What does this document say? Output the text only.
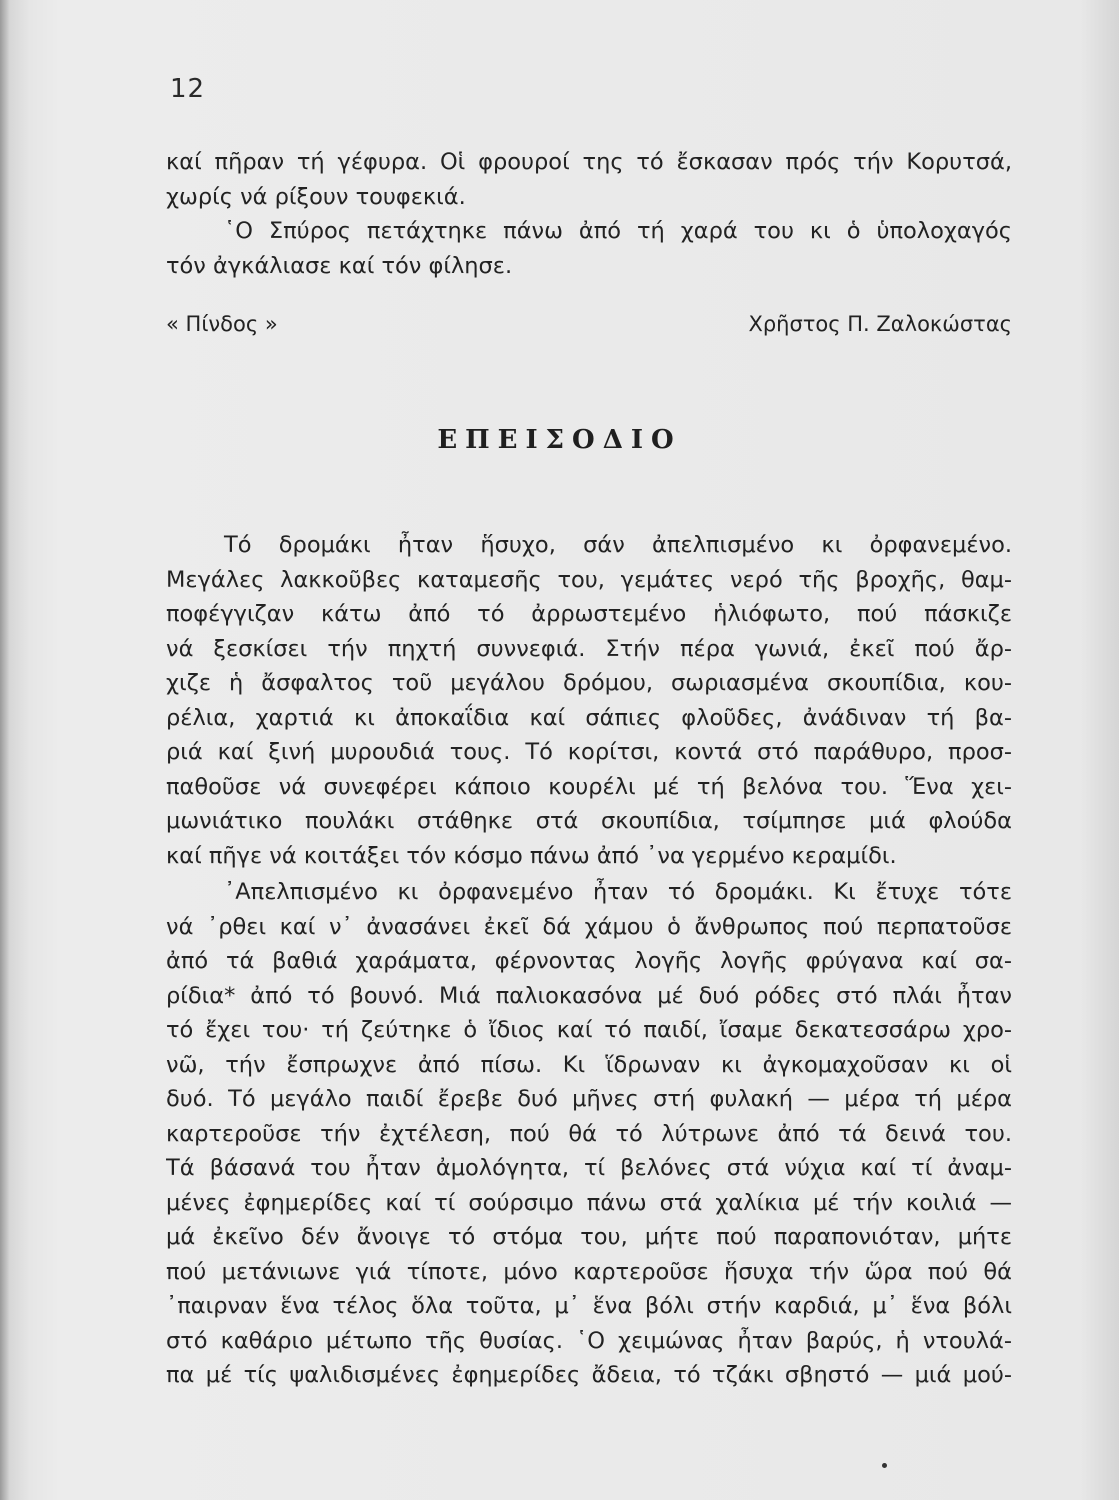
12
καί πῆραν τή γέφυρα. Οἱ φρουροί της τό ἔσκασαν πρός τήν Κορυτσά,
χωρίς νά ρίξουν τουφεκιά.
῾Ο Σπύρος πετάχτηκε πάνω ἀπό τή χαρά του κι ὁ ὑπολοχαγός
τόν ἀγκάλιασε καί τόν φίλησε.
« Πίνδος »	Χρῆστος Π. Ζαλοκώστας
ΕΠΕΙΣΟΔΙΟ
Τό δρομάκι ἦταν ἥσυχο, σάν ἀπελπισμένο κι ὀρφανεμένο.
Μεγάλες λακκοῦβες καταμεσῆς του, γεμάτες νερό τῆς βροχῆς, θαμ-
ποφέγγιζαν κάτω ἀπό τό ἀρρωστεμένο ἡλιόφωτο, πού πάσκιζε
νά ξεσκίσει τήν πηχτή συννεφιά. Στήν πέρα γωνιά, ἐκεῖ πού ἄρ-
χιζε ἡ ἄσφαλτος τοῦ μεγάλου δρόμου, σωριασμένα σκουπίδια, κου-
ρέλια, χαρτιά κι ἀποκαΐδια καί σάπιες φλοῦδες, ἀνάδιναν τή βα-
ριά καί ξινή μυρουδιά τους. Τό κορίτσι, κοντά στό παράθυρο, προσ-
παθοῦσε νά συνεφέρει κάποιο κουρέλι μέ τή βελόνα του. Ἕνα χει-
μωνιάτικο πουλάκι στάθηκε στά σκουπίδια, τσίμπησε μιά φλούδα
καί πῆγε νά κοιτάξει τόν κόσμο πάνω ἀπό ᾽να γερμένο κεραμίδι.
᾽Απελπισμένο κι ὀρφανεμένο ἦταν τό δρομάκι. Κι ἔτυχε τότε
νά ᾽ρθει καί ν᾽ ἀνασάνει ἐκεῖ δά χάμου ὁ ἄνθρωπος πού περπατοῦσε
ἀπό τά βαθιά χαράματα, φέρνοντας λογῆς λογῆς φρύγανα καί σα-
ρίδια* ἀπό τό βουνό. Μιά παλιοκασόνα μέ δυό ρόδες στό πλάι ἦταν
τό ἔχει του· τή ζεύτηκε ὁ ἴδιος καί τό παιδί, ἴσαμε δεκατεσσάρω χρο-
νῶ, τήν ἔσπρωχνε ἀπό πίσω. Κι ἵδρωναν κι ἀγκομαχοῦσαν κι οἱ
δυό. Τό μεγάλο παιδί ἔρεβε δυό μῆνες στή φυλακή — μέρα τή μέρα
καρτεροῦσε τήν ἐχτέλεση, πού θά τό λύτρωνε ἀπό τά δεινά του.
Τά βάσανά του ἦταν ἀμολόγητα, τί βελόνες στά νύχια καί τί ἀναμ-
μένες ἐφημερίδες καί τί σούρσιμο πάνω στά χαλίκια μέ τήν κοιλιά —
μά ἐκεῖνο δέν ἄνοιγε τό στόμα του, μήτε πού παραπονιόταν, μήτε
πού μετάνιωνε γιά τίποτε, μόνο καρτεροῦσε ἥσυχα τήν ὥρα πού θά
᾽παιρναν ἕνα τέλος ὅλα τοῦτα, μ᾽ ἕνα βόλι στήν καρδιά, μ᾽ ἕνα βόλι
στό καθάριο μέτωπο τῆς θυσίας. ῾Ο χειμώνας ἦταν βαρύς, ἡ ντουλά-
πα μέ τίς ψαλιδισμένες ἐφημερίδες ἄδεια, τό τζάκι σβηστό — μιά μού-
